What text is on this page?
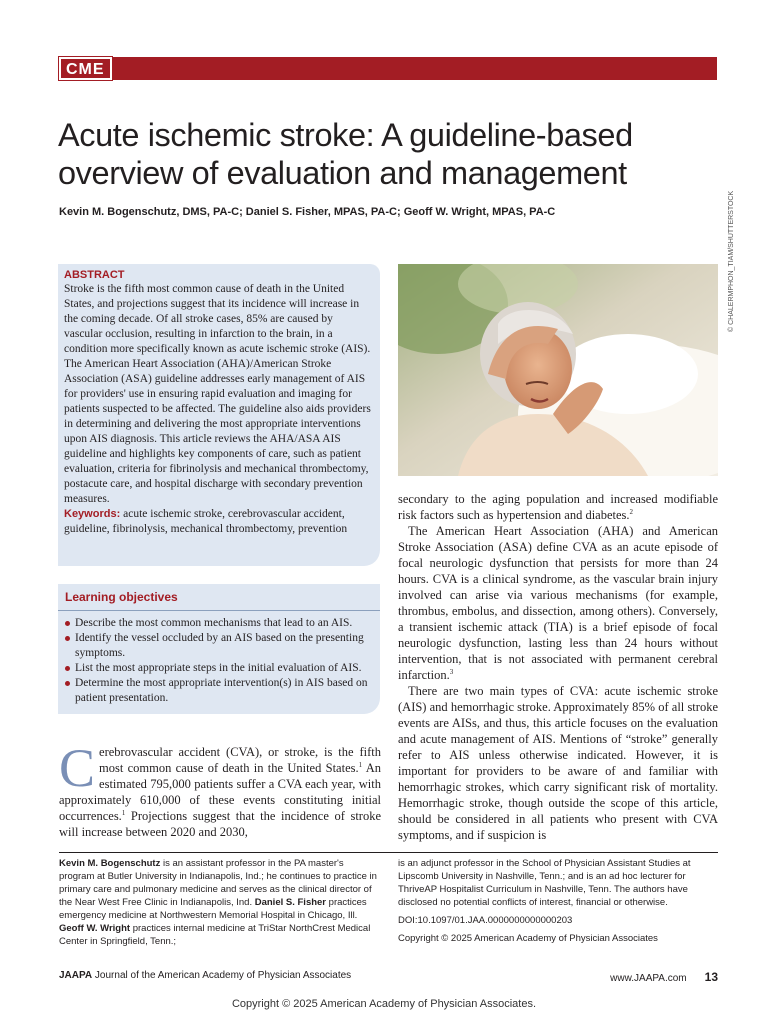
CME
Acute ischemic stroke: A guideline-based overview of evaluation and management
Kevin M. Bogenschutz, DMS, PA-C; Daniel S. Fisher, MPAS, PA-C; Geoff W. Wright, MPAS, PA-C
ABSTRACT

Stroke is the fifth most common cause of death in the United States, and projections suggest that its incidence will increase in the coming decade. Of all stroke cases, 85% are caused by vascular occlusion, resulting in infarction to the brain, in a condition more specifically known as acute ischemic stroke (AIS). The American Heart Association (AHA)/American Stroke Association (ASA) guideline addresses early management of AIS for providers' use in ensuring rapid evaluation and imaging for patients suspected to be affected. The guideline also aids providers in determining and delivering the most appropriate interventions upon AIS diagnosis. This article reviews the AHA/ASA AIS guideline and highlights key components of care, such as patient evaluation, criteria for fibrinolysis and mechanical thrombectomy, postacute care, and hospital discharge with secondary prevention measures.
Keywords: acute ischemic stroke, cerebrovascular accident, guideline, fibrinolysis, mechanical thrombectomy, prevention

Learning objectives
Describe the most common mechanisms that lead to an AIS.
Identify the vessel occluded by an AIS based on the presenting symptoms.
List the most appropriate steps in the initial evaluation of AIS.
Determine the most appropriate intervention(s) in AIS based on patient presentation.
C erebrovascular accident (CVA), or stroke, is the fifth most common cause of death in the United States.$^1$ An estimated 795,000 patients suffer a CVA each year, with approximately 610,000 of these events constituting initial occurrences.$^1$ Projections suggest that the incidence of stroke will increase between 2020 and 2030,
© CHALERMPHON_TIAM/SHUTTERSTOCK

secondary to the aging population and increased modifiable risk factors such as hypertension and diabetes.$^2$

The American Heart Association (AHA) and American Stroke Association (ASA) define CVA as an acute episode of focal neurologic dysfunction that persists for more than 24 hours. CVA is a clinical syndrome, as the vascular brain injury involved can arise via various mechanisms (for example, thrombus, embolus, and dissection, among others). Conversely, a transient ischemic attack (TIA) is a brief episode of focal neurologic dysfunction, lasting less than 24 hours without intervention, that is not associated with permanent cerebral infarction.$^3$

There are two main types of CVA: acute ischemic stroke (AIS) and hemorrhagic stroke. Approximately 85% of all stroke events are AISs, and thus, this article focuses on the evaluation and acute management of AIS. Mentions of “stroke” generally refer to AIS unless otherwise indicated. However, it is important for providers to be aware of and familiar with hemorrhagic strokes, which carry significant risk of mortality. Hemorrhagic stroke, though outside the scope of this article, should be considered in all patients who present with CVA symptoms, and if suspicion is

Kevin M. Bogenschutz is an assistant professor in the PA master's program at Butler University in Indianapolis, Ind.; he continues to practice in primary care and pulmonary medicine and serves as the clinical director of the Near West Free Clinic in Indianapolis, Ind. Daniel S. Fisher practices emergency medicine at Northwestern Memorial Hospital in Chicago, Ill. Geoff W. Wright practices internal medicine at TriStar NorthCrest Medical Center in Springfield, Tenn.;
is an adjunct professor in the School of Physician Assistant Studies at Lipscomb University in Nashville, Tenn.; and is an ad hoc lecturer for ThriveAP Hospitalist Curriculum in Nashville, Tenn. The authors have disclosed no potential conflicts of interest, financial or otherwise.
DOI:10.1097/01.JAA.0000000000000203
Copyright © 2025 American Academy of Physician Associates
JAAPA Journal of the American Academy of Physician Associates	www.JAAPA.com 13
Copyright © 2025 American Academy of Physician Associates.
